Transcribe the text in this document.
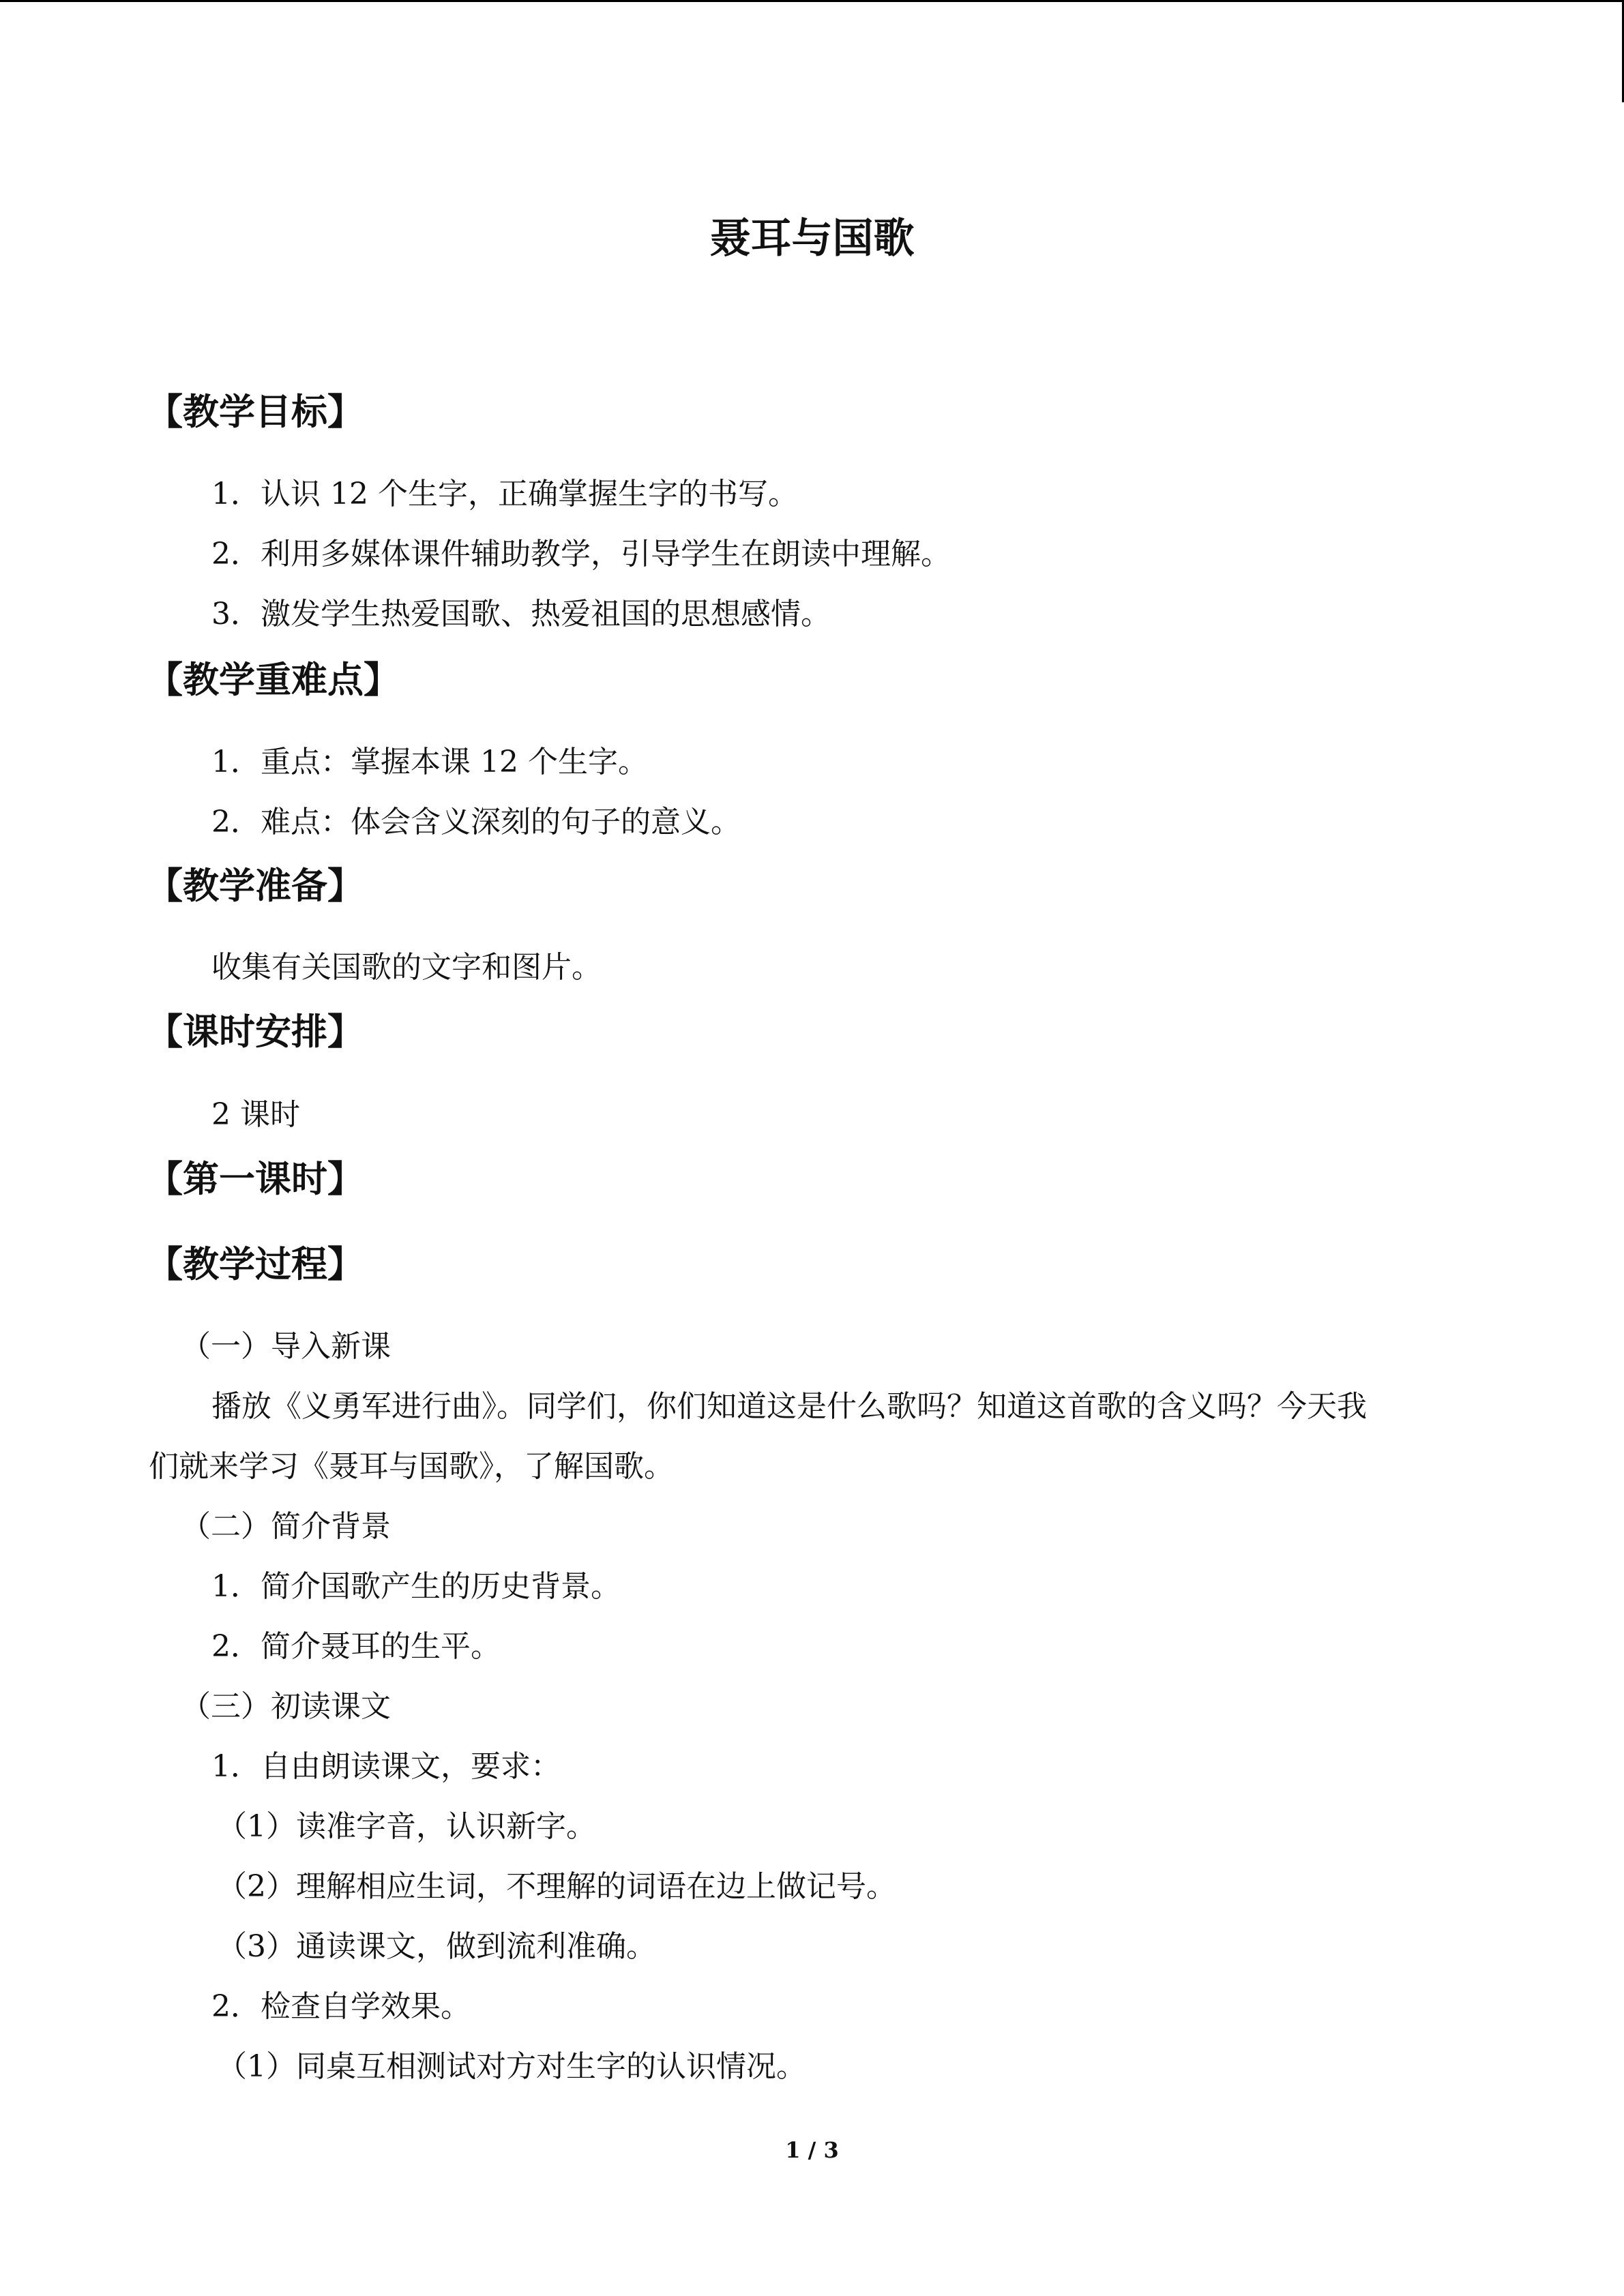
聂耳与国歌
【教学目标】
1．认识 12 个生字，正确掌握生字的书写。
2．利用多媒体课件辅助教学，引导学生在朗读中理解。
3．激发学生热爱国歌、热爱祖国的思想感情。
【教学重难点】
1．重点：掌握本课 12 个生字。
2．难点：体会含义深刻的句子的意义。
【教学准备】
收集有关国歌的文字和图片。
【课时安排】
2 课时
【第一课时】
【教学过程】
（一）导入新课
播放《义勇军进行曲》。同学们，你们知道这是什么歌吗？知道这首歌的含义吗？今天我
们就来学习《聂耳与国歌》，了解国歌。
（二）简介背景
1．简介国歌产生的历史背景。
2．简介聂耳的生平。
（三）初读课文
1．自由朗读课文，要求：
（1）读准字音，认识新字。
（2）理解相应生词，不理解的词语在边上做记号。
（3）通读课文，做到流利准确。
2．检查自学效果。
（1）同桌互相测试对方对生字的认识情况。
1 / 3
